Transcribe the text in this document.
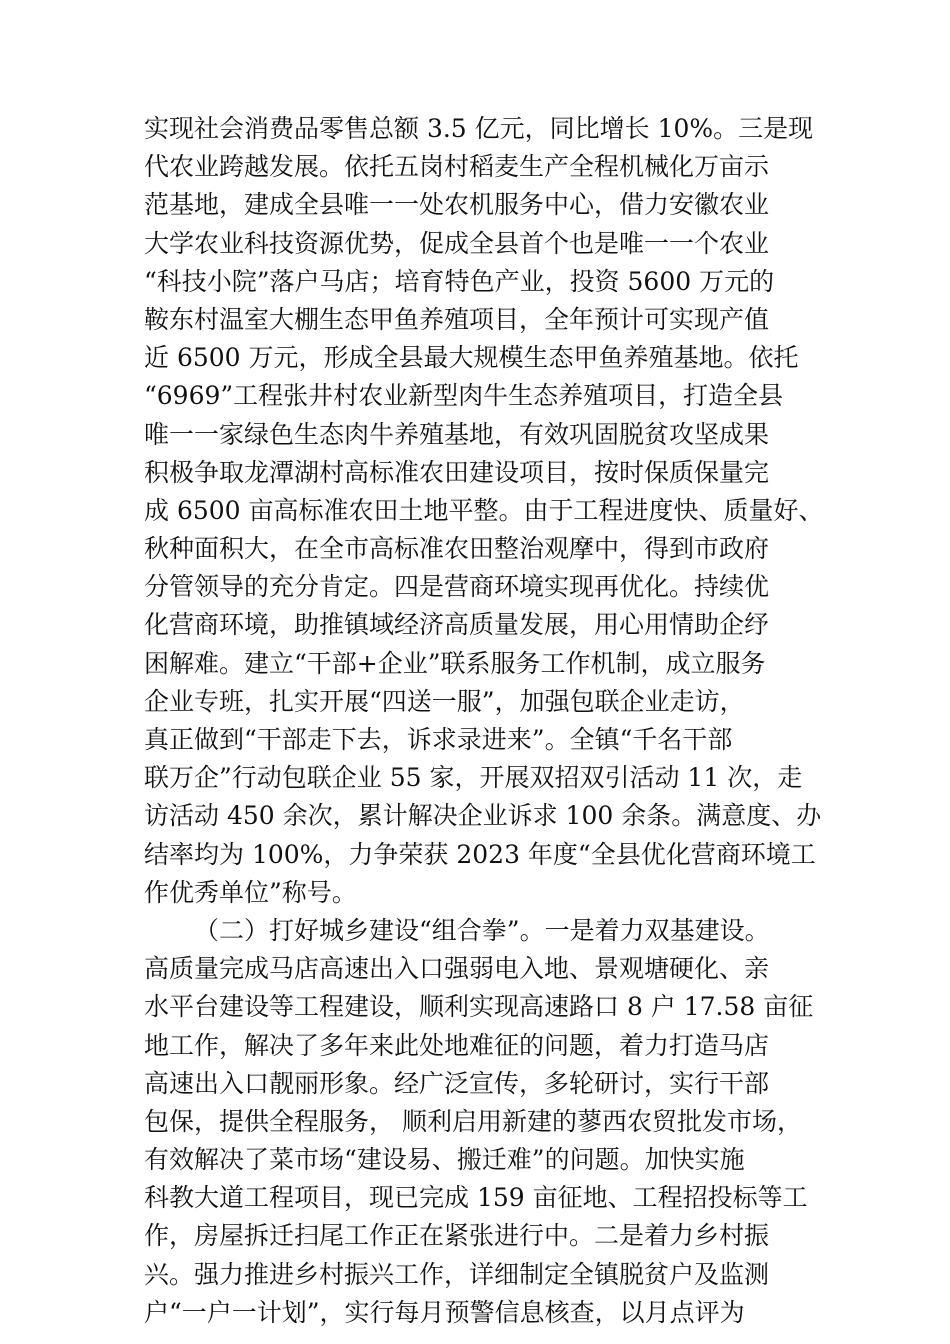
实现社会消费品零售总额 3.5 亿元，同比增长 10%。三是现
代农业跨越发展。依托五岗村稻麦生产全程机械化万亩示
范基地，建成全县唯一一处农机服务中心，借力安徽农业
大学农业科技资源优势，促成全县首个也是唯一一个农业
“科技小院”落户马店；培育特色产业，投资 5600 万元的
鞍东村温室大棚生态甲鱼养殖项目，全年预计可实现产值
近 6500 万元，形成全县最大规模生态甲鱼养殖基地。依托
“6969”工程张井村农业新型肉牛生态养殖项目，打造全县
唯一一家绿色生态肉牛养殖基地，有效巩固脱贫攻坚成果
积极争取龙潭湖村高标准农田建设项目，按时保质保量完
成 6500 亩高标准农田土地平整。由于工程进度快、质量好、
秋种面积大，在全市高标准农田整治观摩中，得到市政府
分管领导的充分肯定。四是营商环境实现再优化。持续优
化营商环境，助推镇域经济高质量发展，用心用情助企纾
困解难。建立“干部+企业”联系服务工作机制，成立服务
企业专班，扎实开展“四送一服”，加强包联企业走访，
真正做到“干部走下去，诉求录进来”。全镇“千名干部
联万企”行动包联企业 55 家，开展双招双引活动 11 次，走
访活动 450 余次，累计解决企业诉求 100 余条。满意度、办
结率均为 100%，力争荣获 2023 年度“全县优化营商环境工
作优秀单位”称号。
（二）打好城乡建设“组合拳”。一是着力双基建设。
高质量完成马店高速出入口强弱电入地、景观塘硬化、亲
水平台建设等工程建设，顺利实现高速路口 8 户 17.58 亩征
地工作，解决了多年来此处地难征的问题，着力打造马店
高速出入口靓丽形象。经广泛宣传，多轮研讨，实行干部
包保，提供全程服务， 顺利启用新建的蓼西农贸批发市场，
有效解决了菜市场“建设易、搬迁难”的问题。加快实施
科教大道工程项目，现已完成 159 亩征地、工程招投标等工
作，房屋拆迁扫尾工作正在紧张进行中。二是着力乡村振
兴。强力推进乡村振兴工作，详细制定全镇脱贫户及监测
户“一户一计划”，实行每月预警信息核查，以月点评为
